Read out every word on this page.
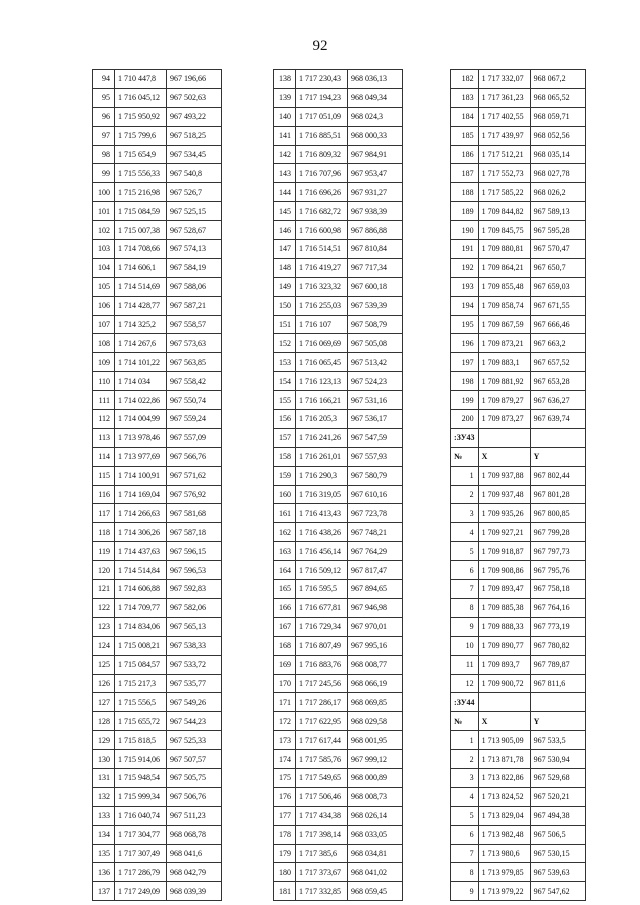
92
94	1 710 447,8	967 196,66
95	1 716 045,12	967 502,63
96	1 715 950,92	967 493,22
97	1 715 799,6	967 518,25
98	1 715 654,9	967 534,45
99	1 715 556,33	967 540,8
100	1 715 216,98	967 526,7
101	1 715 084,59	967 525,15
102	1 715 007,38	967 528,67
103	1 714 708,66	967 574,13
104	1 714 606,1	967 584,19
105	1 714 514,69	967 588,06
106	1 714 428,77	967 587,21
107	1 714 325,2	967 558,57
108	1 714 267,6	967 573,63
109	1 714 101,22	967 563,85
110	1 714 034	967 558,42
111	1 714 022,86	967 550,74
112	1 714 004,99	967 559,24
113	1 713 978,46	967 557,09
114	1 713 977,69	967 566,76
115	1 714 100,91	967 571,62
116	1 714 169,04	967 576,92
117	1 714 266,63	967 581,68
118	1 714 306,26	967 587,18
119	1 714 437,63	967 596,15
120	1 714 514,84	967 596,53
121	1 714 606,88	967 592,83
122	1 714 709,77	967 582,06
123	1 714 834,06	967 565,13
124	1 715 008,21	967 538,33
125	1 715 084,57	967 533,72
126	1 715 217,3	967 535,77
127	1 715 556,5	967 549,26
128	1 715 655,72	967 544,23
129	1 715 818,5	967 525,33
130	1 715 914,06	967 507,57
131	1 715 948,54	967 505,75
132	1 715 999,34	967 506,76
133	1 716 040,74	967 511,23
134	1 717 304,77	968 068,78
135	1 717 307,49	968 041,6
136	1 717 286,79	968 042,79
137	1 717 249,09	968 039,39
138	1 717 230,43	968 036,13
139	1 717 194,23	968 049,34
140	1 717 051,09	968 024,3
141	1 716 885,51	968 000,33
142	1 716 809,32	967 984,91
143	1 716 707,96	967 953,47
144	1 716 696,26	967 931,27
145	1 716 682,72	967 938,39
146	1 716 600,98	967 886,88
147	1 716 514,51	967 810,84
148	1 716 419,27	967 717,34
149	1 716 323,32	967 600,18
150	1 716 255,03	967 539,39
151	1 716 107	967 508,79
152	1 716 069,69	967 505,08
153	1 716 065,45	967 513,42
154	1 716 123,13	967 524,23
155	1 716 166,21	967 531,16
156	1 716 205,3	967 536,17
157	1 716 241,26	967 547,59
158	1 716 261,01	967 557,93
159	1 716 290,3	967 580,79
160	1 716 319,05	967 610,16
161	1 716 413,43	967 723,78
162	1 716 438,26	967 748,21
163	1 716 456,14	967 764,29
164	1 716 509,12	967 817,47
165	1 716 595,5	967 894,65
166	1 716 677,81	967 946,98
167	1 716 729,34	967 970,01
168	1 716 807,49	967 995,16
169	1 716 883,76	968 008,77
170	1 717 245,56	968 066,19
171	1 717 286,17	968 069,85
172	1 717 622,95	968 029,58
173	1 717 617,44	968 001,95
174	1 717 585,76	967 999,12
175	1 717 549,65	968 000,89
176	1 717 506,46	968 008,73
177	1 717 434,38	968 026,14
178	1 717 398,14	968 033,05
179	1 717 385,6	968 034,81
180	1 717 373,67	968 041,02
181	1 717 332,85	968 059,45
182	1 717 332,07	968 067,2
183	1 717 361,23	968 065,52
184	1 717 402,55	968 059,71
185	1 717 439,97	968 052,56
186	1 717 512,21	968 035,14
187	1 717 552,73	968 027,78
188	1 717 585,22	968 026,2
189	1 709 844,82	967 589,13
190	1 709 845,75	967 595,28
191	1 709 880,81	967 570,47
192	1 709 864,21	967 650,7
193	1 709 855,48	967 659,03
194	1 709 858,74	967 671,55
195	1 709 867,59	967 666,46
196	1 709 873,21	967 663,2
197	1 709 883,1	967 657,52
198	1 709 881,92	967 653,28
199	1 709 879,27	967 636,27
200	1 709 873,27	967 639,74
:ЗУ43		
№	X	Y
1	1 709 937,88	967 802,44
2	1 709 937,48	967 801,28
3	1 709 935,26	967 800,85
4	1 709 927,21	967 799,28
5	1 709 918,87	967 797,73
6	1 709 908,86	967 795,76
7	1 709 893,47	967 758,18
8	1 709 885,38	967 764,16
9	1 709 888,33	967 773,19
10	1 709 890,77	967 780,82
11	1 709 893,7	967 789,87
12	1 709 900,72	967 811,6
:ЗУ44		
№	X	Y
1	1 713 905,09	967 533,5
2	1 713 871,78	967 530,94
3	1 713 822,86	967 529,68
4	1 713 824,52	967 520,21
5	1 713 829,04	967 494,38
6	1 713 982,48	967 506,5
7	1 713 980,6	967 530,15
8	1 713 979,85	967 539,63
9	1 713 979,22	967 547,62
